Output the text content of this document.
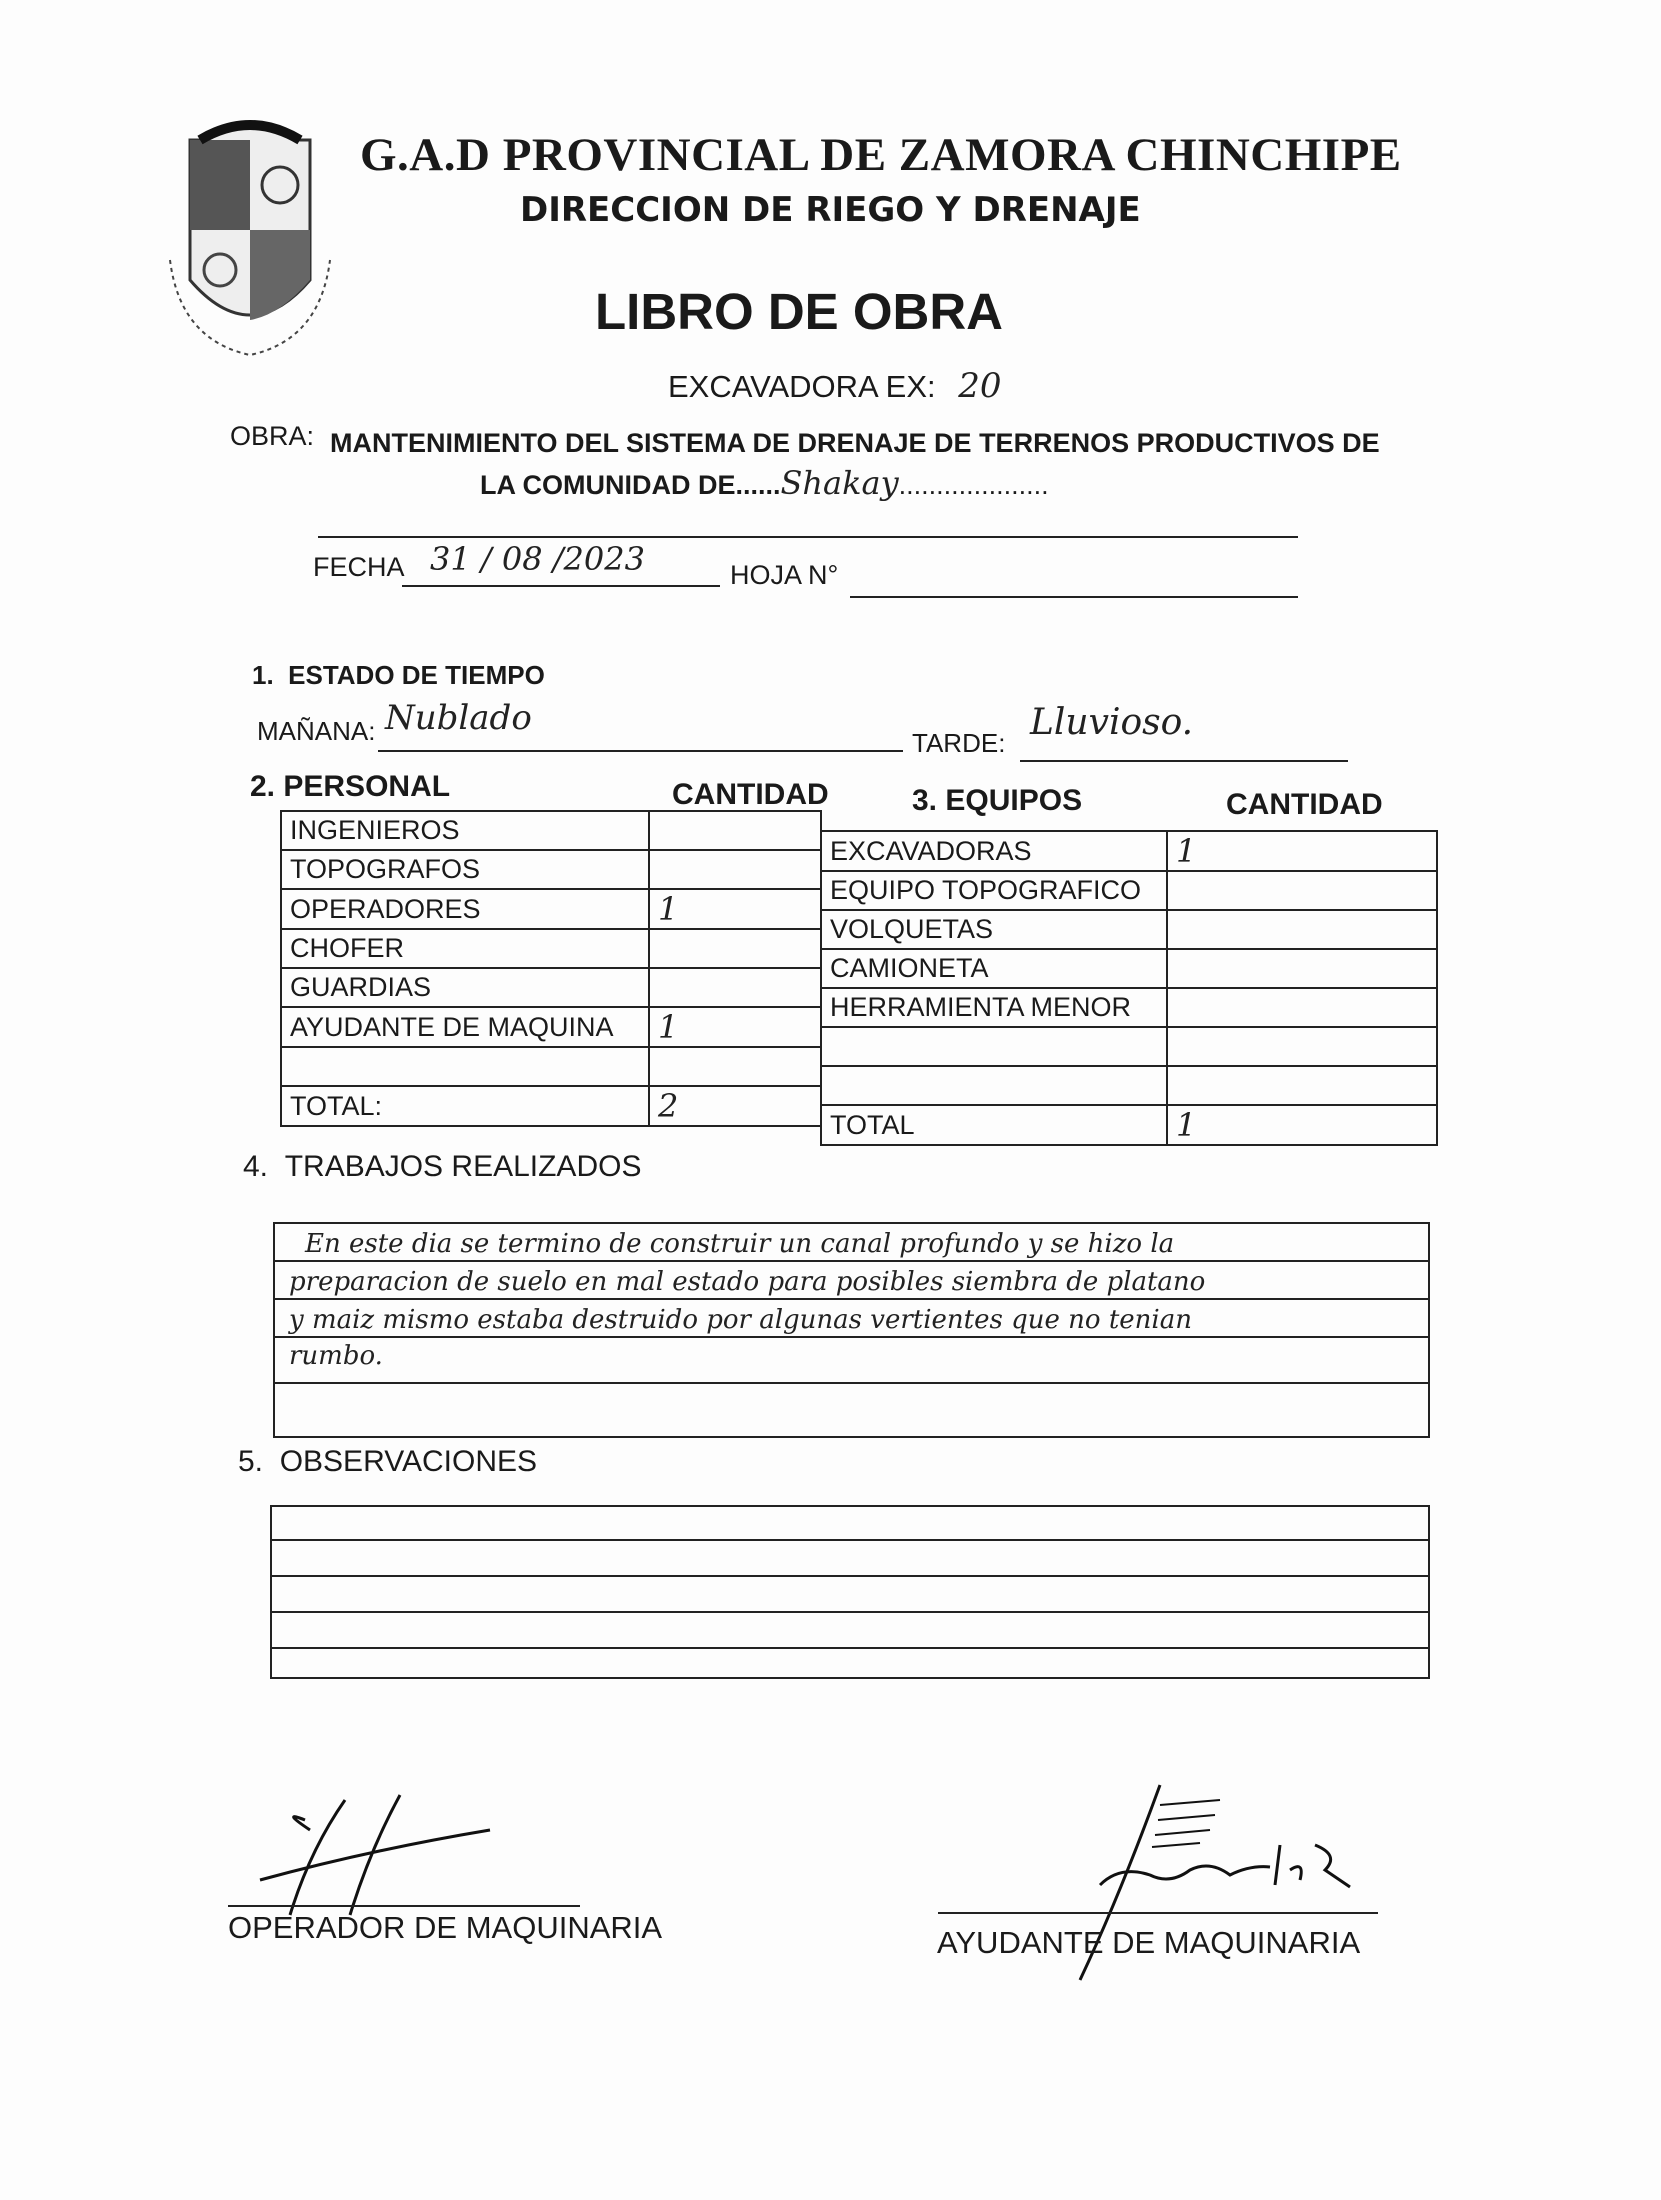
G.A.D PROVINCIAL DE ZAMORA CHINCHIPE
DIRECCION DE RIEGO Y DRENAJE
LIBRO DE OBRA
EXCAVADORA EX: 20
OBRA: MANTENIMIENTO DEL SISTEMA DE DRENAJE DE TERRENOS PRODUCTIVOS DE
LA COMUNIDAD DE......Shakay....................
FECHA 31 / 08 /2023	HOJA N°
1. ESTADO DE TIEMPO
MAÑANA: Nublado
TARDE: Lluvioso.
2. PERSONAL	CANTIDAD	3. EQUIPOS	CANTIDAD
INGENIEROS	
TOPOGRAFOS	
OPERADORES	1
CHOFER	
GUARDIAS	
AYUDANTE DE MAQUINA	1

TOTAL:	2
EXCAVADORAS	1
EQUIPO TOPOGRAFICO	
VOLQUETAS	
CAMIONETA	
HERRAMIENTA MENOR	

TOTAL	1
4. TRABAJOS REALIZADOS
En este dia se termino de construir un canal profundo y se hizo la
preparacion de suelo en mal estado para posibles siembra de platano
y maiz mismo estaba destruido por algunas vertientes que no tenian
rumbo.
5. OBSERVACIONES
OPERADOR DE MAQUINARIA	AYUDANTE DE MAQUINARIA
